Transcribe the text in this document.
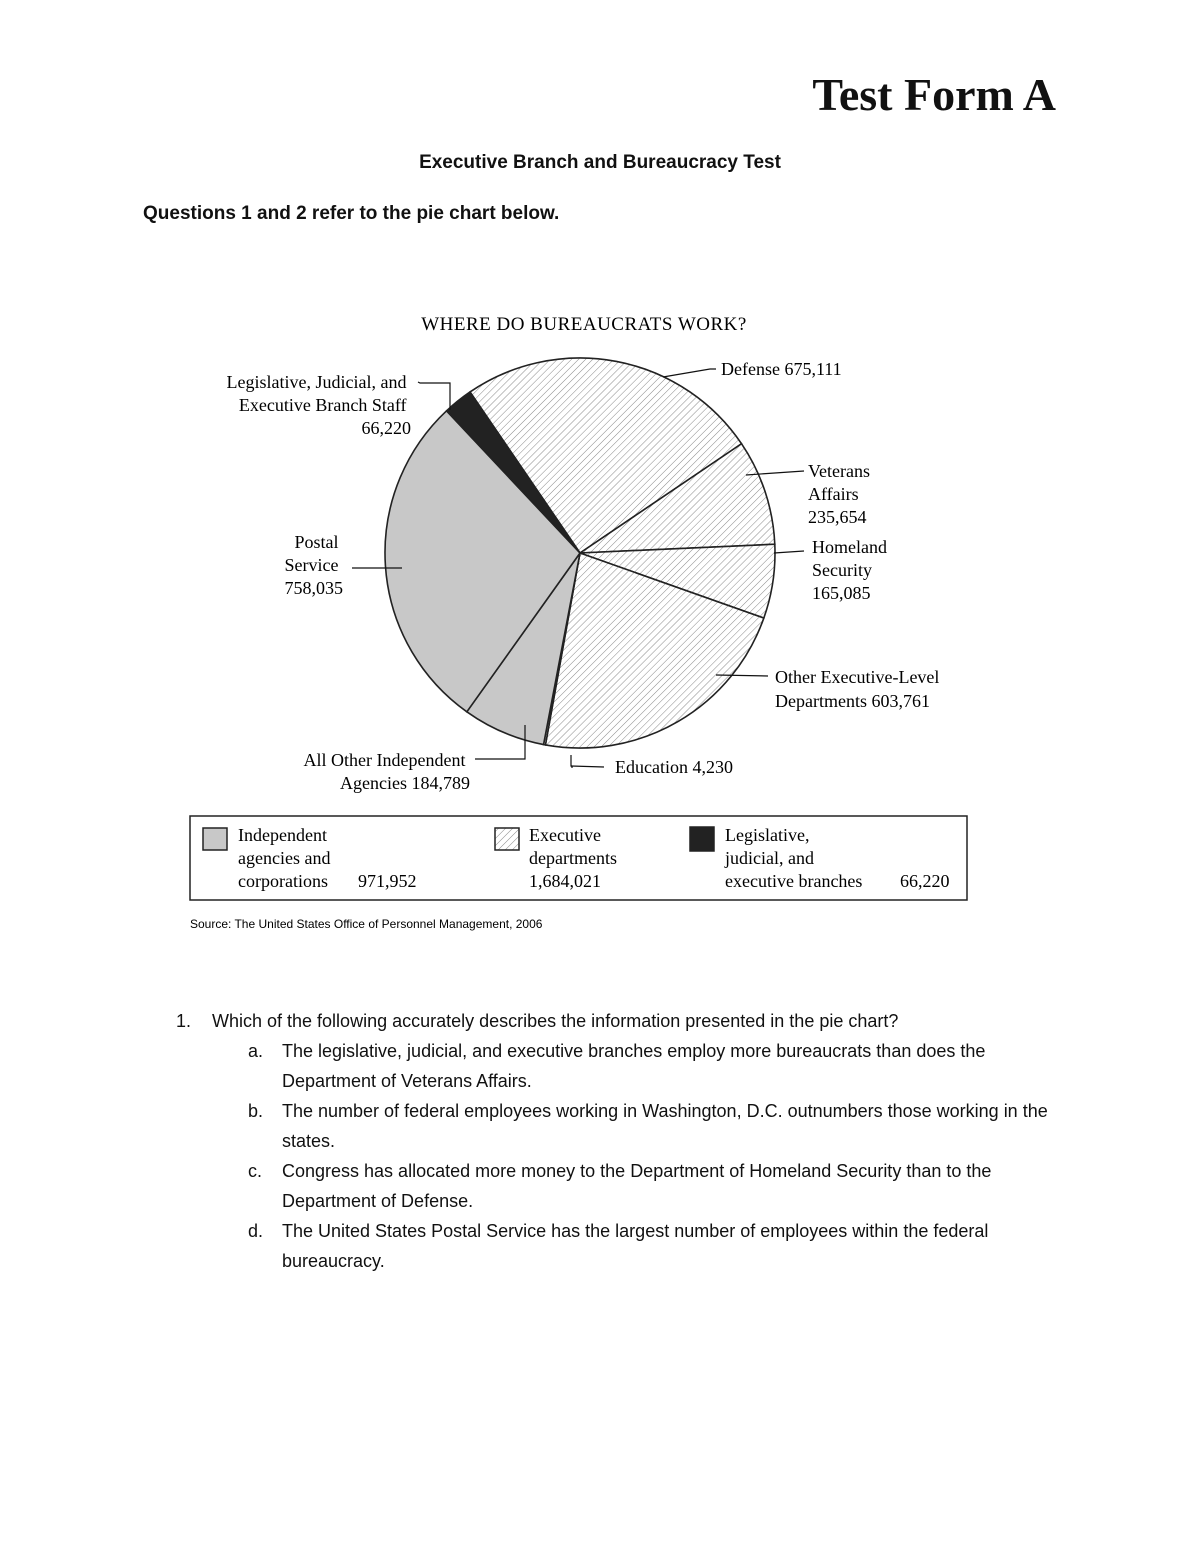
Test Form A
Executive Branch and Bureaucracy Test
Questions 1 and 2 refer to the pie chart below.
WHERE DO BUREAUCRATS WORK?
Defense 675,111
Veterans Affairs 235,654
Homeland Security 165,085
Other Executive-Level Departments 603,761
Education 4,230
All Other Independent Agencies 184,789
Postal Service 758,035
Legislative, Judicial, and Executive Branch Staff 66,220
Independent agencies and corporations	971,952
Executive departments 1,684,021
Legislative, judicial, and executive branches 66,220
Source: The United States Office of Personnel Management, 2006
1.	Which of the following accurately describes the information presented in the pie chart?
a.	The legislative, judicial, and executive branches employ more bureaucrats than does the Department of Veterans Affairs.
b.	The number of federal employees working in Washington, D.C. outnumbers those working in the states.
c.	Congress has allocated more money to the Department of Homeland Security than to the Department of Defense.
d.	The United States Postal Service has the largest number of employees within the federal bureaucracy.
